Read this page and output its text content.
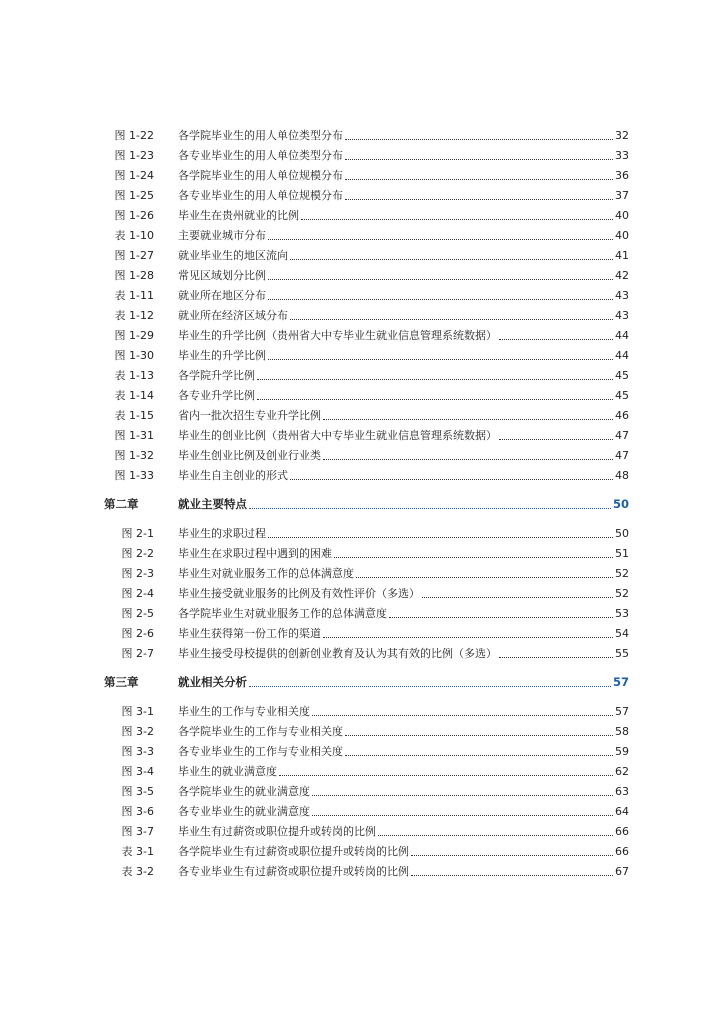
图 1-22	各学院毕业生的用人单位类型分布	32
图 1-23	各专业毕业生的用人单位类型分布	33
图 1-24	各学院毕业生的用人单位规模分布	36
图 1-25	各专业毕业生的用人单位规模分布	37
图 1-26	毕业生在贵州就业的比例	40
表 1-10	主要就业城市分布	40
图 1-27	就业毕业生的地区流向	41
图 1-28	常见区域划分比例	42
表 1-11	就业所在地区分布	43
表 1-12	就业所在经济区域分布	43
图 1-29	毕业生的升学比例（贵州省大中专毕业生就业信息管理系统数据）	44
图 1-30	毕业生的升学比例	44
表 1-13	各学院升学比例	45
表 1-14	各专业升学比例	45
表 1-15	省内一批次招生专业升学比例	46
图 1-31	毕业生的创业比例（贵州省大中专毕业生就业信息管理系统数据）	47
图 1-32	毕业生创业比例及创业行业类	47
图 1-33	毕业生自主创业的形式	48
第二章	就业主要特点	50
图 2-1	毕业生的求职过程	50
图 2-2	毕业生在求职过程中遇到的困难	51
图 2-3	毕业生对就业服务工作的总体满意度	52
图 2-4	毕业生接受就业服务的比例及有效性评价（多选）	52
图 2-5	各学院毕业生对就业服务工作的总体满意度	53
图 2-6	毕业生获得第一份工作的渠道	54
图 2-7	毕业生接受母校提供的创新创业教育及认为其有效的比例（多选）	55
第三章	就业相关分析	57
图 3-1	毕业生的工作与专业相关度	57
图 3-2	各学院毕业生的工作与专业相关度	58
图 3-3	各专业毕业生的工作与专业相关度	59
图 3-4	毕业生的就业满意度	62
图 3-5	各学院毕业生的就业满意度	63
图 3-6	各专业毕业生的就业满意度	64
图 3-7	毕业生有过薪资或职位提升或转岗的比例	66
表 3-1	各学院毕业生有过薪资或职位提升或转岗的比例	66
表 3-2	各专业毕业生有过薪资或职位提升或转岗的比例	67
